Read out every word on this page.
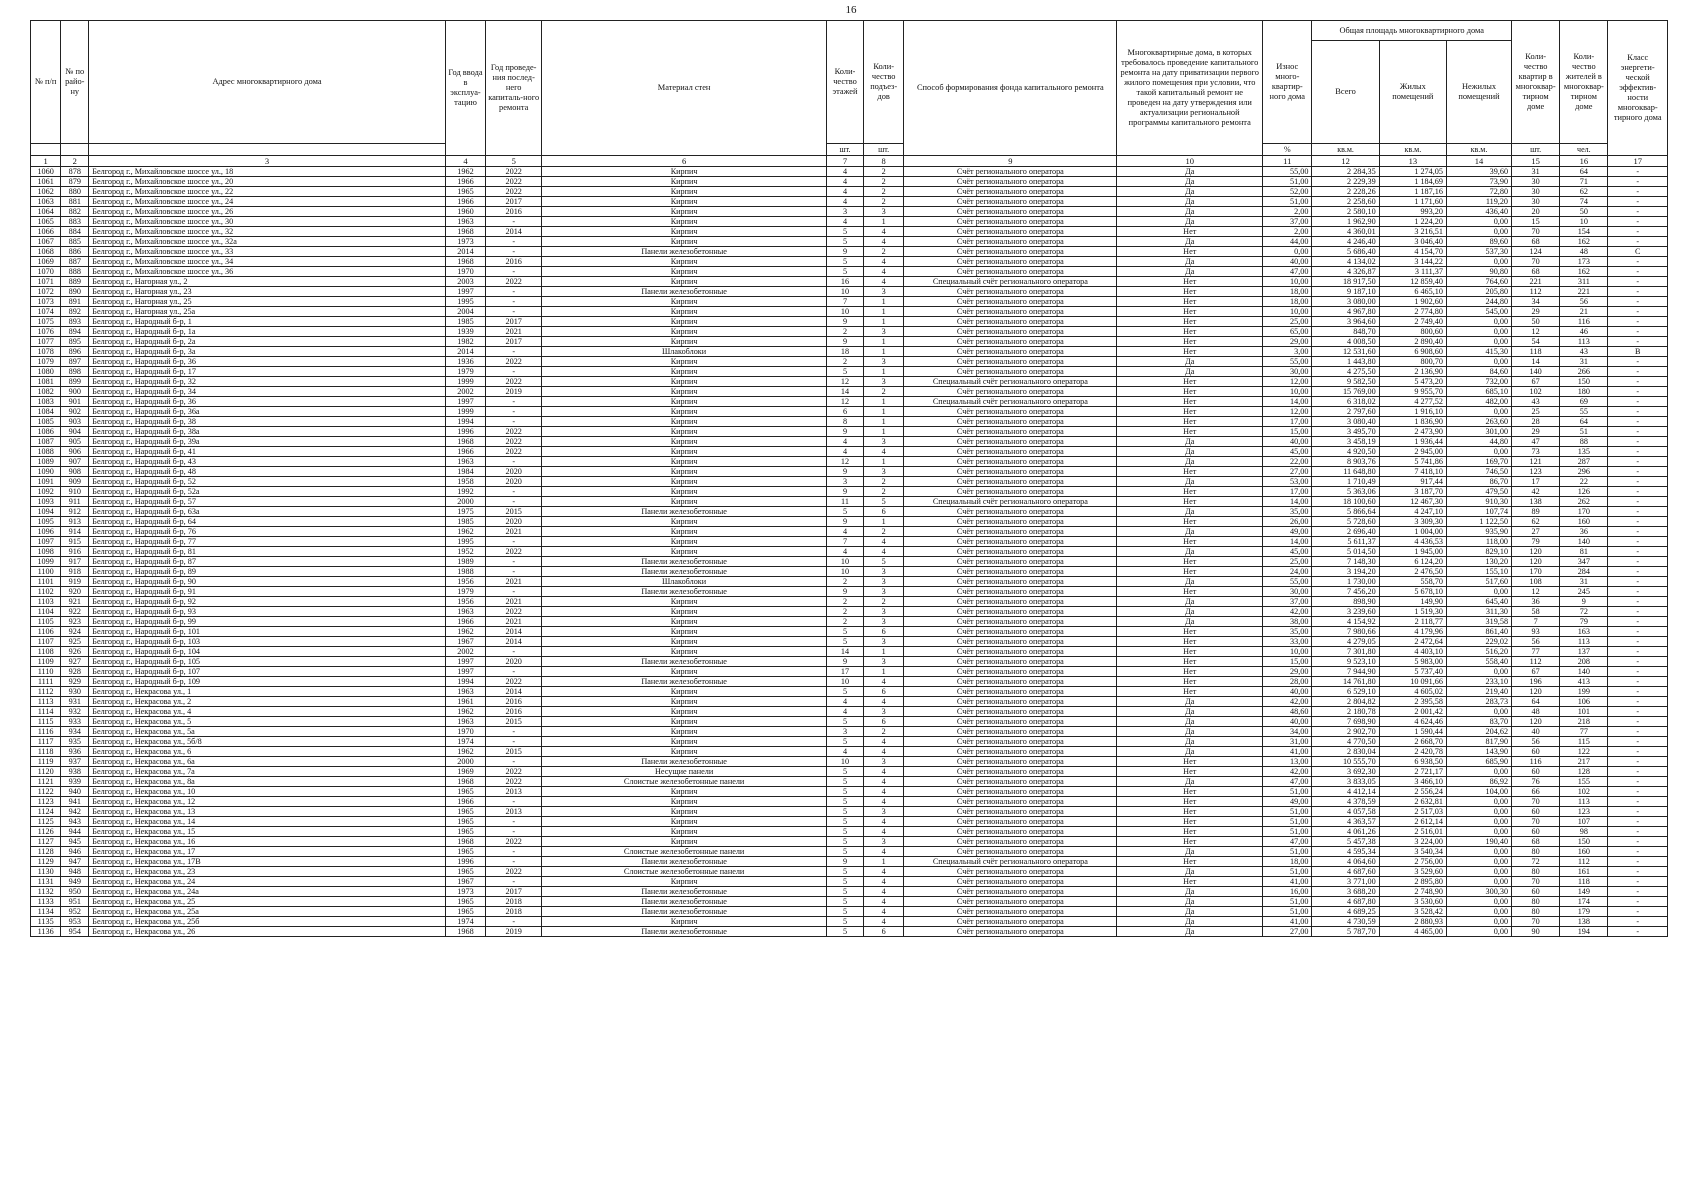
16
№ п/п	№ по райо-ну	Адрес многоквартирного дома	Год ввода в эксплуа-тацию	Год проведе-ния послед-него капиталь-ного ремонта	Материал стен	Коли-чество этажей	Коли-чество подъез-дов	Способ формирования фонда капитального ремонта	Многоквартирные дома, в которых требовалось проведение капитального ремонта на дату приватизации первого жилого помещения при условии, что такой капитальный ремонт не проведен на дату утверждения или актуализации региональной программы капитального ремонта	Износ много-квартир-ного дома	Общая площадь многоквартирного дома			Коли-чество квартир в многоквар-тирном доме	Коли-чество жителей в многоквар-тирном доме	Класс энергети-ческой эффектив-ности многоквар-тирного дома
											Всего	Жилых помещений	Нежилых помещений			
						шт.	шт.			%	кв.м.	кв.м.	кв.м.	шт.	чел.	
1	2	3	4	5	6	7	8	9	10	11	12	13	14	15	16	17
1060	878	Белгород г., Михайловское шоссе ул., 18	1962	2022	Кирпич	4	2	Счёт регионального оператора	Да	55,00	2 284,35	1 274,05	39,60	31	64	-
1061	879	Белгород г., Михайловское шоссе ул., 20	1966	2022	Кирпич	4	2	Счёт регионального оператора	Да	51,00	2 229,39	1 184,69	73,90	30	71	-
1062	880	Белгород г., Михайловское шоссе ул., 22	1965	2022	Кирпич	4	2	Счёт регионального оператора	Да	52,00	2 228,26	1 187,16	72,80	30	62	-
1063	881	Белгород г., Михайловское шоссе ул., 24	1966	2017	Кирпич	4	2	Счёт регионального оператора	Да	51,00	2 258,60	1 171,60	119,20	30	74	-
1064	882	Белгород г., Михайловское шоссе ул., 26	1960	2016	Кирпич	3	3	Счёт регионального оператора	Да	2,00	2 580,10	993,20	436,40	20	50	-
1065	883	Белгород г., Михайловское шоссе ул., 30	1963	-	Кирпич	4	1	Счёт регионального оператора	Да	37,00	1 962,90	1 224,20	0,00	15	10	-
1066	884	Белгород г., Михайловское шоссе ул., 32	1968	2014	Кирпич	5	4	Счёт регионального оператора	Нет	2,00	4 360,01	3 216,51	0,00	70	154	-
1067	885	Белгород г., Михайловское шоссе ул., 32а	1973	-	Кирпич	5	4	Счёт регионального оператора	Да	44,00	4 246,40	3 046,40	89,60	68	162	-
1068	886	Белгород г., Михайловское шоссе ул., 33	2014	-	Панели железобетонные	9	2	Счёт регионального оператора	Нет	0,00	5 686,40	4 154,70	537,30	124	48	С
1069	887	Белгород г., Михайловское шоссе ул., 34	1968	2016	Кирпич	5	4	Счёт регионального оператора	Да	40,00	4 134,02	3 144,22	0,00	70	173	-
1070	888	Белгород г., Михайловское шоссе ул., 36	1970	-	Кирпич	5	4	Счёт регионального оператора	Да	47,00	4 326,87	3 111,37	90,80	68	162	-
1071	889	Белгород г., Нагорная ул., 2	2003	2022	Кирпич	16	4	Специальный счёт регионального оператора	Нет	10,00	18 917,50	12 859,40	764,60	221	311	-
1072	890	Белгород г., Нагорная ул., 23	1997	-	Панели железобетонные	10	3	Счёт регионального оператора	Нет	18,00	9 187,10	6 465,10	205,80	112	221	-
1073	891	Белгород г., Нагорная ул., 25	1995	-	Кирпич	7	1	Счёт регионального оператора	Нет	18,00	3 080,00	1 902,60	244,80	34	56	-
1074	892	Белгород г., Нагорная ул., 25а	2004	-	Кирпич	10	1	Счёт регионального оператора	Нет	10,00	4 967,80	2 774,80	545,00	29	21	-
1075	893	Белгород г., Народный б-р, 1	1985	2017	Кирпич	9	1	Счёт регионального оператора	Нет	25,00	3 964,60	2 749,40	0,00	50	116	-
1076	894	Белгород г., Народный б-р, 1а	1939	2021	Кирпич	2	3	Счёт регионального оператора	Нет	65,00	848,70	800,60	0,00	12	46	-
1077	895	Белгород г., Народный б-р, 2а	1982	2017	Кирпич	9	1	Счёт регионального оператора	Нет	29,00	4 008,50	2 890,40	0,00	54	113	-
1078	896	Белгород г., Народный б-р, 3а	2014	-	Шлакоблоки	18	1	Счёт регионального оператора	Нет	3,00	12 531,60	6 908,60	415,30	118	43	В
1079	897	Белгород г., Народный б-р, 36	1936	2022	Кирпич	2	3	Счёт регионального оператора	Да	55,00	1 443,80	800,70	0,00	14	31	-
1080	898	Белгород г., Народный б-р, 17	1979	-	Кирпич	5	1	Счёт регионального оператора	Да	30,00	4 275,50	2 136,90	84,60	140	266	-
1081	899	Белгород г., Народный б-р, 32	1999	2022	Кирпич	12	3	Специальный счёт регионального оператора	Нет	12,00	9 582,50	5 473,20	732,00	67	150	-
1082	900	Белгород г., Народный б-р, 34	2002	2019	Кирпич	14	2	Счёт регионального оператора	Нет	10,00	15 769,00	9 955,70	685,10	102	180	-
1083	901	Белгород г., Народный б-р, 36	1997	-	Кирпич	12	1	Специальный счёт регионального оператора	Нет	14,00	6 318,02	4 277,52	482,00	43	69	-
1084	902	Белгород г., Народный б-р, 36а	1999	-	Кирпич	6	1	Счёт регионального оператора	Нет	12,00	2 797,60	1 916,10	0,00	25	55	-
1085	903	Белгород г., Народный б-р, 38	1994	-	Кирпич	8	1	Счёт регионального оператора	Нет	17,00	3 080,40	1 836,90	263,60	28	64	-
1086	904	Белгород г., Народный б-р, 38а	1996	2022	Кирпич	9	1	Счёт регионального оператора	Нет	15,00	3 495,70	2 473,90	301,00	29	51	-
1087	905	Белгород г., Народный б-р, 39а	1968	2022	Кирпич	4	3	Счёт регионального оператора	Да	40,00	3 458,19	1 936,44	44,80	47	88	-
1088	906	Белгород г., Народный б-р, 41	1966	2022	Кирпич	4	4	Счёт регионального оператора	Да	45,00	4 920,50	2 945,00	0,00	73	135	-
1089	907	Белгород г., Народный б-р, 43	1963	-	Кирпич	12	1	Счёт регионального оператора	Да	22,00	8 903,76	5 741,86	169,70	121	287	-
1090	908	Белгород г., Народный б-р, 48	1984	2020	Кирпич	9	3	Счёт регионального оператора	Нет	27,00	11 648,80	7 418,10	746,50	123	296	-
1091	909	Белгород г., Народный б-р, 52	1958	2020	Кирпич	3	2	Счёт регионального оператора	Да	53,00	1 710,49	917,44	86,70	17	22	-
1092	910	Белгород г., Народный б-р, 52а	1992	-	Кирпич	9	2	Счёт регионального оператора	Нет	17,00	5 363,06	3 187,70	479,50	42	126	-
1093	911	Белгород г., Народный б-р, 57	2000	-	Кирпич	11	5	Специальный счёт регионального оператора	Нет	14,00	18 100,60	12 467,30	910,30	138	262	-
1094	912	Белгород г., Народный б-р, 63а	1975	2015	Панели железобетонные	5	6	Счёт регионального оператора	Да	35,00	5 866,64	4 247,10	107,74	89	170	-
1095	913	Белгород г., Народный б-р, 64	1985	2020	Кирпич	9	1	Счёт регионального оператора	Нет	26,00	5 728,60	3 309,30	1 122,50	62	160	-
1096	914	Белгород г., Народный б-р, 76	1962	2021	Кирпич	4	2	Счёт регионального оператора	Да	49,00	2 696,40	1 004,00	935,90	27	36	-
1097	915	Белгород г., Народный б-р, 77	1995	-	Кирпич	7	4	Счёт регионального оператора	Нет	14,00	5 611,37	4 436,53	118,00	79	140	-
1098	916	Белгород г., Народный б-р, 81	1952	2022	Кирпич	4	4	Счёт регионального оператора	Да	45,00	5 014,50	1 945,00	829,10	120	81	-
1099	917	Белгород г., Народный б-р, 87	1989	-	Панели железобетонные	10	5	Счёт регионального оператора	Нет	25,00	7 148,30	6 124,20	130,20	120	347	-
1100	918	Белгород г., Народный б-р, 89	1988	-	Панели железобетонные	10	3	Счёт регионального оператора	Нет	24,00	3 194,20	2 476,50	155,10	170	284	-
1101	919	Белгород г., Народный б-р, 90	1956	2021	Шлакоблоки	2	3	Счёт регионального оператора	Да	55,00	1 730,00	558,70	517,60	108	31	-
1102	920	Белгород г., Народный б-р, 91	1979	-	Панели железобетонные	9	3	Счёт регионального оператора	Нет	30,00	7 456,20	5 678,10	0,00	12	245	-
1103	921	Белгород г., Народный б-р, 92	1956	2021	Кирпич	2	2	Счёт регионального оператора	Да	37,00	898,90	149,90	645,40	36	9	-
1104	922	Белгород г., Народный б-р, 93	1963	2022	Кирпич	2	3	Счёт регионального оператора	Да	42,00	3 239,60	1 519,30	311,30	58	72	-
1105	923	Белгород г., Народный б-р, 99	1966	2021	Кирпич	2	3	Счёт регионального оператора	Да	38,00	4 154,92	2 118,77	319,58	7	79	-
1106	924	Белгород г., Народный б-р, 101	1962	2014	Кирпич	5	6	Счёт регионального оператора	Нет	35,00	7 980,66	4 179,96	861,40	93	163	-
1107	925	Белгород г., Народный б-р, 103	1967	2014	Кирпич	5	3	Счёт регионального оператора	Нет	33,00	4 279,05	2 472,64	229,02	56	113	-
1108	926	Белгород г., Народный б-р, 104	2002	-	Кирпич	14	1	Счёт регионального оператора	Нет	10,00	7 301,80	4 403,10	516,20	77	137	-
1109	927	Белгород г., Народный б-р, 105	1997	2020	Панели железобетонные	9	3	Счёт регионального оператора	Нет	15,00	9 523,10	5 983,00	558,40	112	208	-
1110	928	Белгород г., Народный б-р, 107	1997	-	Кирпич	17	1	Счёт регионального оператора	Нет	29,00	7 944,90	5 737,40	0,00	67	140	-
1111	929	Белгород г., Народный б-р, 109	1994	2022	Панели железобетонные	10	4	Счёт регионального оператора	Нет	28,00	14 761,80	10 091,66	233,10	196	413	-
1112	930	Белгород г., Некрасова ул., 1	1963	2014	Кирпич	5	6	Счёт регионального оператора	Нет	40,00	6 529,10	4 605,02	219,40	120	199	-
1113	931	Белгород г., Некрасова ул., 2	1961	2016	Кирпич	4	4	Счёт регионального оператора	Да	42,00	2 804,82	2 395,58	283,73	64	106	-
1114	932	Белгород г., Некрасова ул., 4	1962	2016	Кирпич	4	3	Счёт регионального оператора	Да	48,60	2 180,78	2 001,42	0,00	48	101	-
1115	933	Белгород г., Некрасова ул., 5	1963	2015	Кирпич	5	6	Счёт регионального оператора	Да	40,00	7 698,90	4 624,46	83,70	120	218	-
1116	934	Белгород г., Некрасова ул., 5а	1970	-	Кирпич	3	2	Счёт регионального оператора	Да	34,00	2 902,70	1 590,44	204,62	40	77	-
1117	935	Белгород г., Некрасова ул., 5б/8	1974	-	Кирпич	5	4	Счёт регионального оператора	Да	31,00	4 770,50	2 668,70	817,90	56	115	-
1118	936	Белгород г., Некрасова ул., 6	1962	2015	Кирпич	4	4	Счёт регионального оператора	Да	41,00	2 830,04	2 420,78	143,90	60	122	-
1119	937	Белгород г., Некрасова ул., 6а	2000	-	Панели железобетонные	10	3	Счёт регионального оператора	Нет	13,00	10 555,70	6 938,50	685,90	116	217	-
1120	938	Белгород г., Некрасова ул., 7а	1969	2022	Несущие панели	5	4	Счёт регионального оператора	Нет	42,00	3 692,30	2 721,17	0,00	60	128	-
1121	939	Белгород г., Некрасова ул., 8а	1968	2022	Слоистые железобетонные панели	5	4	Счёт регионального оператора	Да	47,00	3 833,05	3 466,10	86,92	76	155	-
1122	940	Белгород г., Некрасова ул., 10	1965	2013	Кирпич	5	4	Счёт регионального оператора	Нет	51,00	4 412,14	2 556,24	104,00	66	102	-
1123	941	Белгород г., Некрасова ул., 12	1966	-	Кирпич	5	4	Счёт регионального оператора	Нет	49,00	4 378,59	2 632,81	0,00	70	113	-
1124	942	Белгород г., Некрасова ул., 13	1965	2013	Кирпич	5	3	Счёт регионального оператора	Нет	51,00	4 057,58	2 517,03	0,00	60	123	-
1125	943	Белгород г., Некрасова ул., 14	1965	-	Кирпич	5	4	Счёт регионального оператора	Нет	51,00	4 363,57	2 612,14	0,00	70	107	-
1126	944	Белгород г., Некрасова ул., 15	1965	-	Кирпич	5	4	Счёт регионального оператора	Нет	51,00	4 061,26	2 516,01	0,00	60	98	-
1127	945	Белгород г., Некрасова ул., 16	1968	2022	Кирпич	5	3	Счёт регионального оператора	Нет	47,00	5 457,38	3 224,00	190,40	68	150	-
1128	946	Белгород г., Некрасова ул., 17	1965	-	Слоистые железобетонные панели	5	4	Счёт регионального оператора	Да	51,00	4 595,34	3 540,34	0,00	80	160	-
1129	947	Белгород г., Некрасова ул., 17В	1996	-	Панели железобетонные	9	1	Специальный счёт регионального оператора	Нет	18,00	4 064,60	2 756,00	0,00	72	112	-
1130	948	Белгород г., Некрасова ул., 23	1965	2022	Слоистые железобетонные панели	5	4	Счёт регионального оператора	Да	51,00	4 687,60	3 529,60	0,00	80	161	-
1131	949	Белгород г., Некрасова ул., 24	1967	-	Кирпич	5	4	Счёт регионального оператора	Нет	41,00	3 771,00	2 895,80	0,00	70	118	-
1132	950	Белгород г., Некрасова ул., 24а	1973	2017	Панели железобетонные	5	4	Счёт регионального оператора	Да	16,00	3 688,20	2 748,90	300,30	60	149	-
1133	951	Белгород г., Некрасова ул., 25	1965	2018	Панели железобетонные	5	4	Счёт регионального оператора	Да	51,00	4 687,80	3 530,60	0,00	80	174	-
1134	952	Белгород г., Некрасова ул., 25а	1965	2018	Панели железобетонные	5	4	Счёт регионального оператора	Да	51,00	4 689,25	3 528,42	0,00	80	179	-
1135	953	Белгород г., Некрасова ул., 25б	1974	-	Кирпич	5	4	Счёт регионального оператора	Да	41,00	4 730,59	2 880,93	0,00	70	138	-
1136	954	Белгород г., Некрасова ул., 26	1968	2019	Панели железобетонные	5	6	Счёт регионального оператора	Да	27,00	5 787,70	4 465,00	0,00	90	194	-
